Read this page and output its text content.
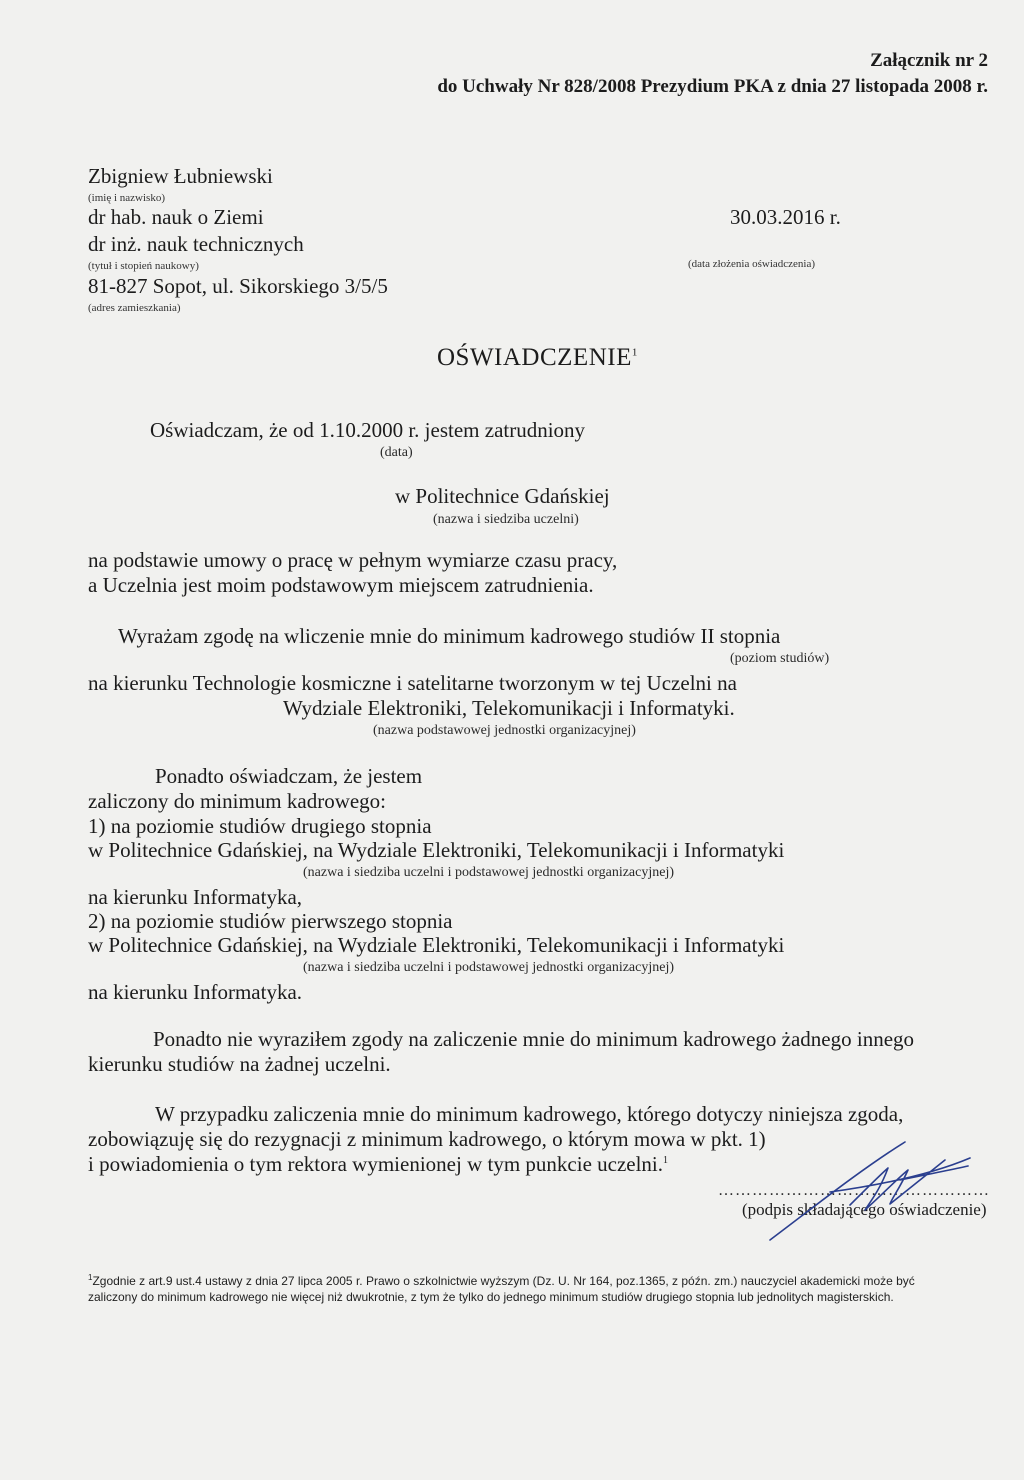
Załącznik nr 2
do Uchwały Nr 828/2008 Prezydium PKA z dnia 27 listopada 2008 r.
Zbigniew Łubniewski
(imię i nazwisko)
dr hab. nauk o Ziemi
dr inż. nauk technicznych
(tytuł i stopień naukowy)
81-827 Sopot, ul. Sikorskiego 3/5/5
(adres zamieszkania)
30.03.2016 r.
(data złożenia oświadczenia)
OŚWIADCZENIE$^1$
Oświadczam, że od 1.10.2000 r. jestem zatrudniony
(data)
w Politechnice Gdańskiej
(nazwa i siedziba uczelni)
na podstawie umowy o pracę w pełnym wymiarze czasu pracy,
a Uczelnia jest moim podstawowym miejscem zatrudnienia.
Wyrażam zgodę na wliczenie mnie do minimum kadrowego studiów II stopnia
(poziom studiów)
na kierunku Technologie kosmiczne i satelitarne tworzonym w tej Uczelni na
Wydziale Elektroniki, Telekomunikacji i Informatyki.
(nazwa podstawowej jednostki organizacyjnej)
Ponadto oświadczam, że jestem
zaliczony do minimum kadrowego:
1) na poziomie studiów drugiego stopnia
w Politechnice Gdańskiej, na Wydziale Elektroniki, Telekomunikacji i Informatyki
(nazwa i siedziba uczelni i podstawowej jednostki organizacyjnej)
na kierunku Informatyka,
2) na poziomie studiów pierwszego stopnia
w Politechnice Gdańskiej, na Wydziale Elektroniki, Telekomunikacji i Informatyki
(nazwa i siedziba uczelni i podstawowej jednostki organizacyjnej)
na kierunku Informatyka.
Ponadto nie wyraziłem zgody na zaliczenie mnie do minimum kadrowego żadnego innego
kierunku studiów na żadnej uczelni.
W przypadku zaliczenia mnie do minimum kadrowego, którego dotyczy niniejsza zgoda,
zobowiązuję się do rezygnacji z minimum kadrowego, o którym mowa w pkt. 1)
i powiadomienia o tym rektora wymienionej w tym punkcie uczelni.$^1$
…………………………………………
(podpis składającego oświadczenie)
$^1$Zgodnie z art.9 ust.4 ustawy z dnia 27 lipca 2005 r. Prawo o szkolnictwie wyższym (Dz. U. Nr 164, poz.1365, z późn. zm.) nauczyciel akademicki może być zaliczony do minimum kadrowego nie więcej niż dwukrotnie, z tym że tylko do jednego minimum studiów drugiego stopnia lub jednolitych magisterskich.
